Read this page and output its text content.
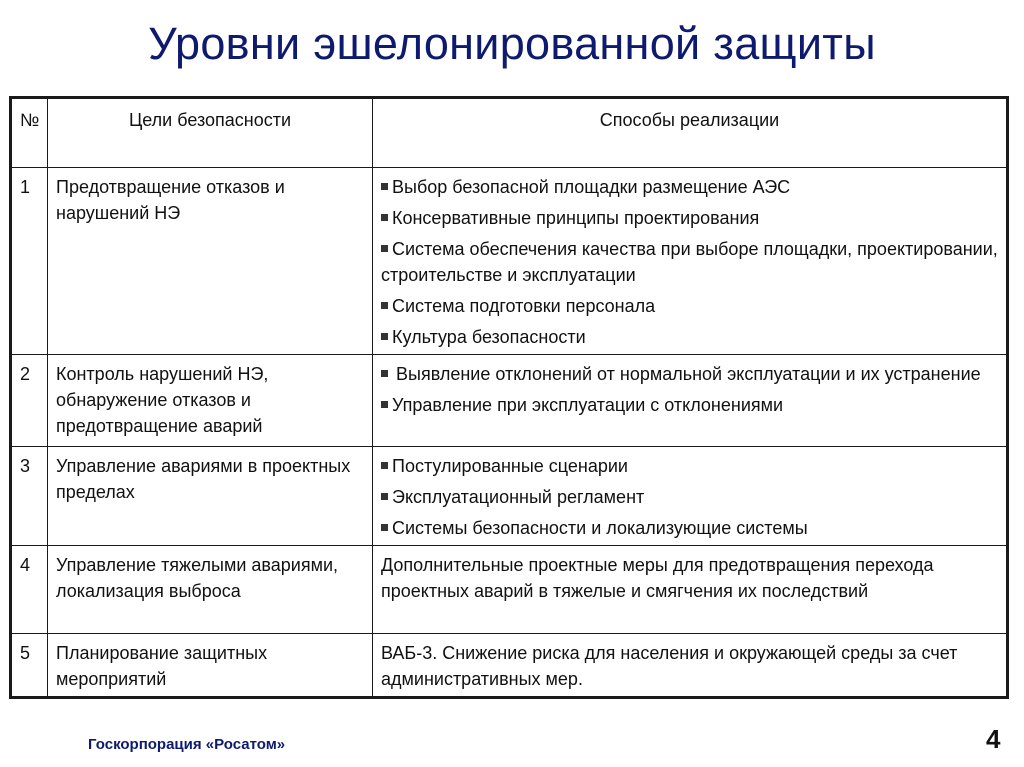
Уровни эшелонированной защиты
№	Цели безопасности	Способы реализации
1	Предотвращение отказов и нарушений НЭ	Выбор безопасной площадки размещение АЭС
Консервативные принципы проектирования
Система обеспечения качества при выборе площадки, проектировании, строительстве и эксплуатации
Система подготовки персонала
Культура безопасности

2	Контроль нарушений НЭ, обнаружение отказов и предотвращение аварий	Выявление отклонений от нормальной эксплуатации и их устранение
Управление при эксплуатации с отклонениями

3	Управление авариями в проектных пределах	Постулированные сценарии
Эксплуатационный регламент
Системы безопасности и локализующие системы

4	Управление тяжелыми авариями, локализация выброса	Дополнительные проектные меры для предотвращения перехода проектных аварий в тяжелые и смягчения их последствий
5	Планирование защитных мероприятий	ВАБ-3. Снижение риска для населения и окружающей среды за счет административных мер.
Госкорпорация «Росатом»	4
